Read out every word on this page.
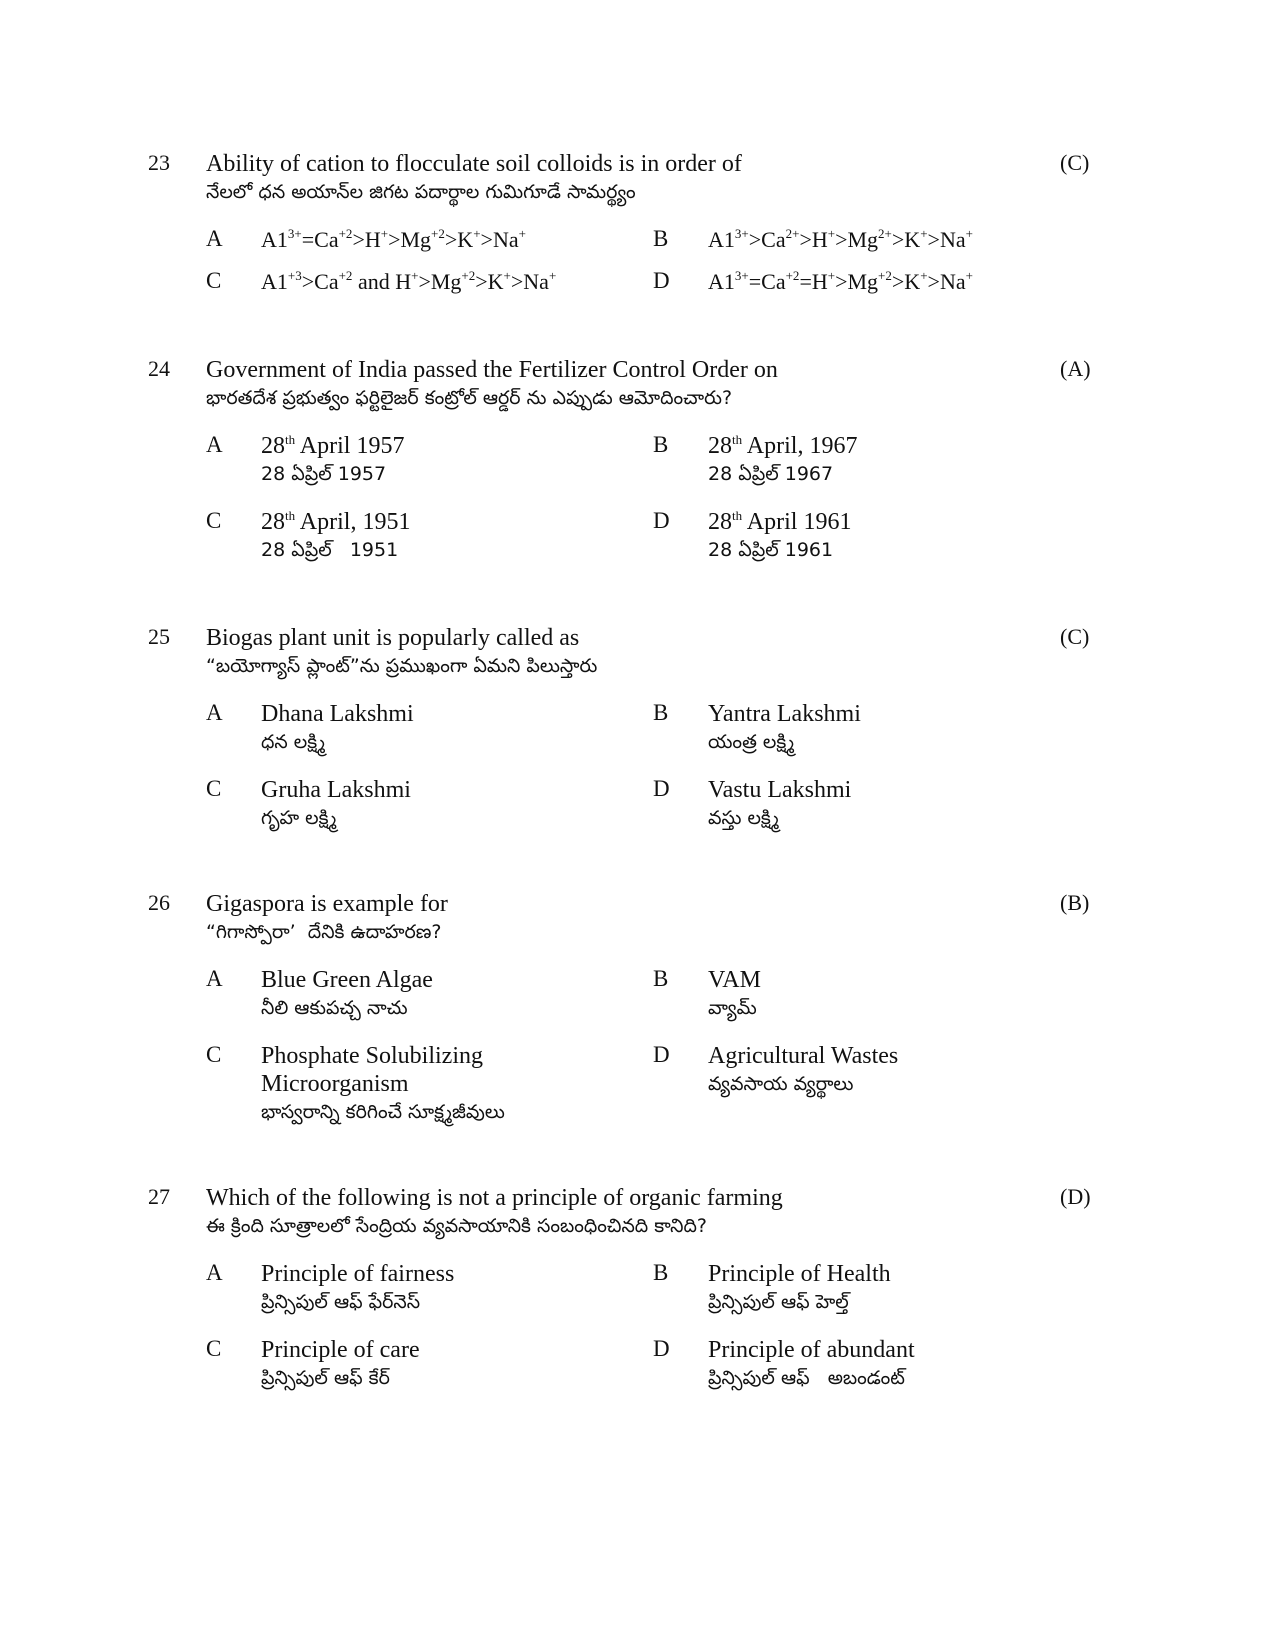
23 Ability of cation to flocculate soil colloids is in order of
నేలలో ధన అయాన్‌ల జిగట పదార్థాల గుమిగూడే సామర్థ్యం
(C)
A $A1^{3+}=Ca^{+2}>H^+>Mg^{+2}>K^+>Na^+$	B $A1^{3+}>Ca^{2+}>H^+>Mg^{2+}>K^+>Na^+$
C $A1^{+3}>Ca^{+2}$ and $H^+>Mg^{+2}>K^+>Na^+$	D $A1^{3+}=Ca^{+2}=H^+>Mg^{+2}>K^+>Na^+$
24 Government of India passed the Fertilizer Control Order on
భారతదేశ ప్రభుత్వం ఫర్టిలైజర్ కంట్రోల్ ఆర్డర్ ను ఎప్పుడు ఆమోదించారు?
(A)
A 28th April 1957
28 ఏప్రిల్ 1957
B 28th April, 1967
28 ఏప్రిల్ 1967
C 28th April, 1951
28 ఏప్రిల్   1951
D 28th April 1961
28 ఏప్రిల్ 1961
25 Biogas plant unit is popularly called as
“బయోగ్యాస్ ప్లాంట్”ను ప్రముఖంగా ఏమని పిలుస్తారు
(C)
A Dhana Lakshmi
ధన లక్ష్మి
B Yantra Lakshmi
యంత్ర లక్ష్మి
C Gruha Lakshmi
గృహ లక్ష్మి
D Vastu Lakshmi
వస్తు లక్ష్మి
26 Gigaspora is example for
“గిగాస్పోరా’  దేనికి ఉదాహరణ?
(B)
A Blue Green Algae
నీలి ఆకుపచ్చ నాచు
B VAM
వ్యామ్
C Phosphate Solubilizing
Microorganism
భాస్వరాన్ని కరిగించే సూక్ష్మజీవులు
D Agricultural Wastes
వ్యవసాయ వ్యర్థాలు
27 Which of the following is not a principle of organic farming
ఈ క్రింది సూత్రాలలో సేంద్రియ వ్యవసాయానికి సంబంధించినది కానిది?
(D)
A Principle of fairness
ప్రిన్సిపుల్ ఆఫ్ ఫేర్‌నెస్
B Principle of Health
ప్రిన్సిపుల్ ఆఫ్ హెల్త్
C Principle of care
ప్రిన్సిపుల్ ఆఫ్ కేర్
D Principle of abundant
ప్రిన్సిపుల్ ఆఫ్   అబండంట్
